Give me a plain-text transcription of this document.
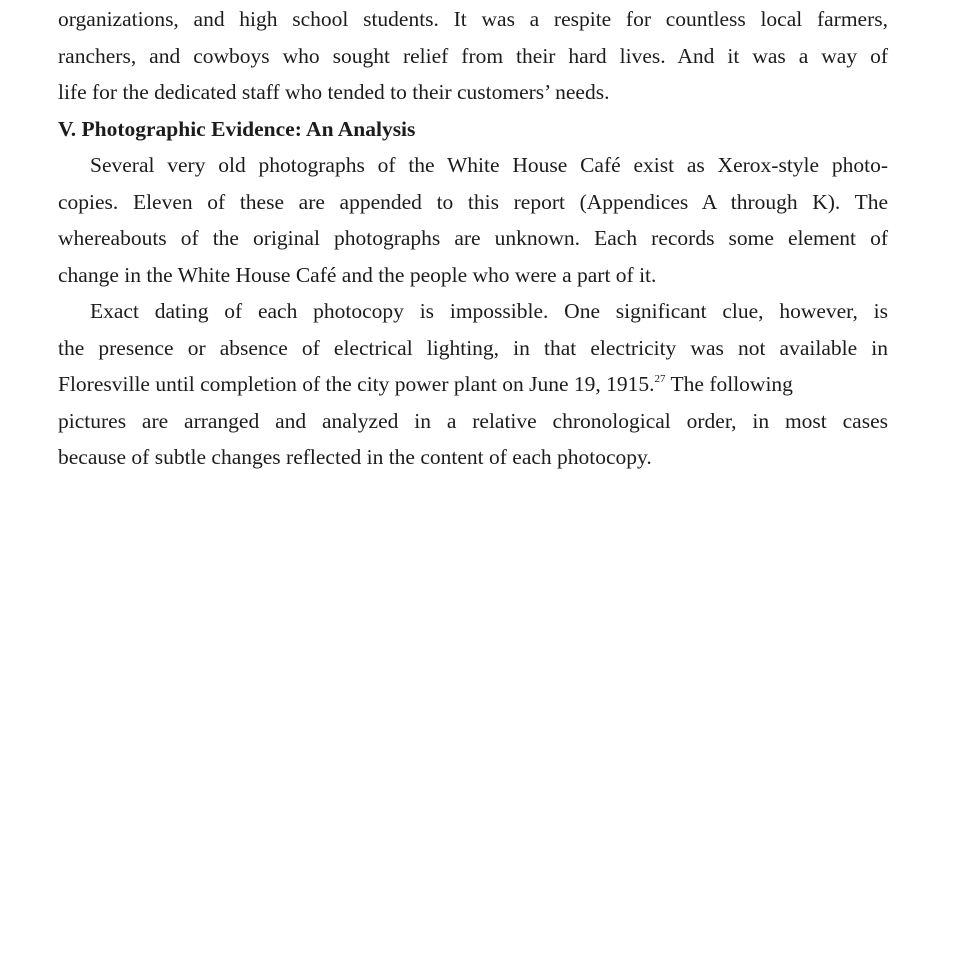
organizations, and high school students. It was a respite for countless local farmers,
ranchers, and cowboys who sought relief from their hard lives. And it was a way of
life for the dedicated staff who tended to their customers’ needs.
V. Photographic Evidence: An Analysis
Several very old photographs of the White House Café exist as Xerox-style photo-
copies. Eleven of these are appended to this report (Appendices A through K). The
whereabouts of the original photographs are unknown. Each records some element of
change in the White House Café and the people who were a part of it.
Exact dating of each photocopy is impossible. One significant clue, however, is
the presence or absence of electrical lighting, in that electricity was not available in
Floresville until completion of the city power plant on June 19, 1915.27 The following
pictures are arranged and analyzed in a relative chronological order, in most cases
because of subtle changes reflected in the content of each photocopy.
